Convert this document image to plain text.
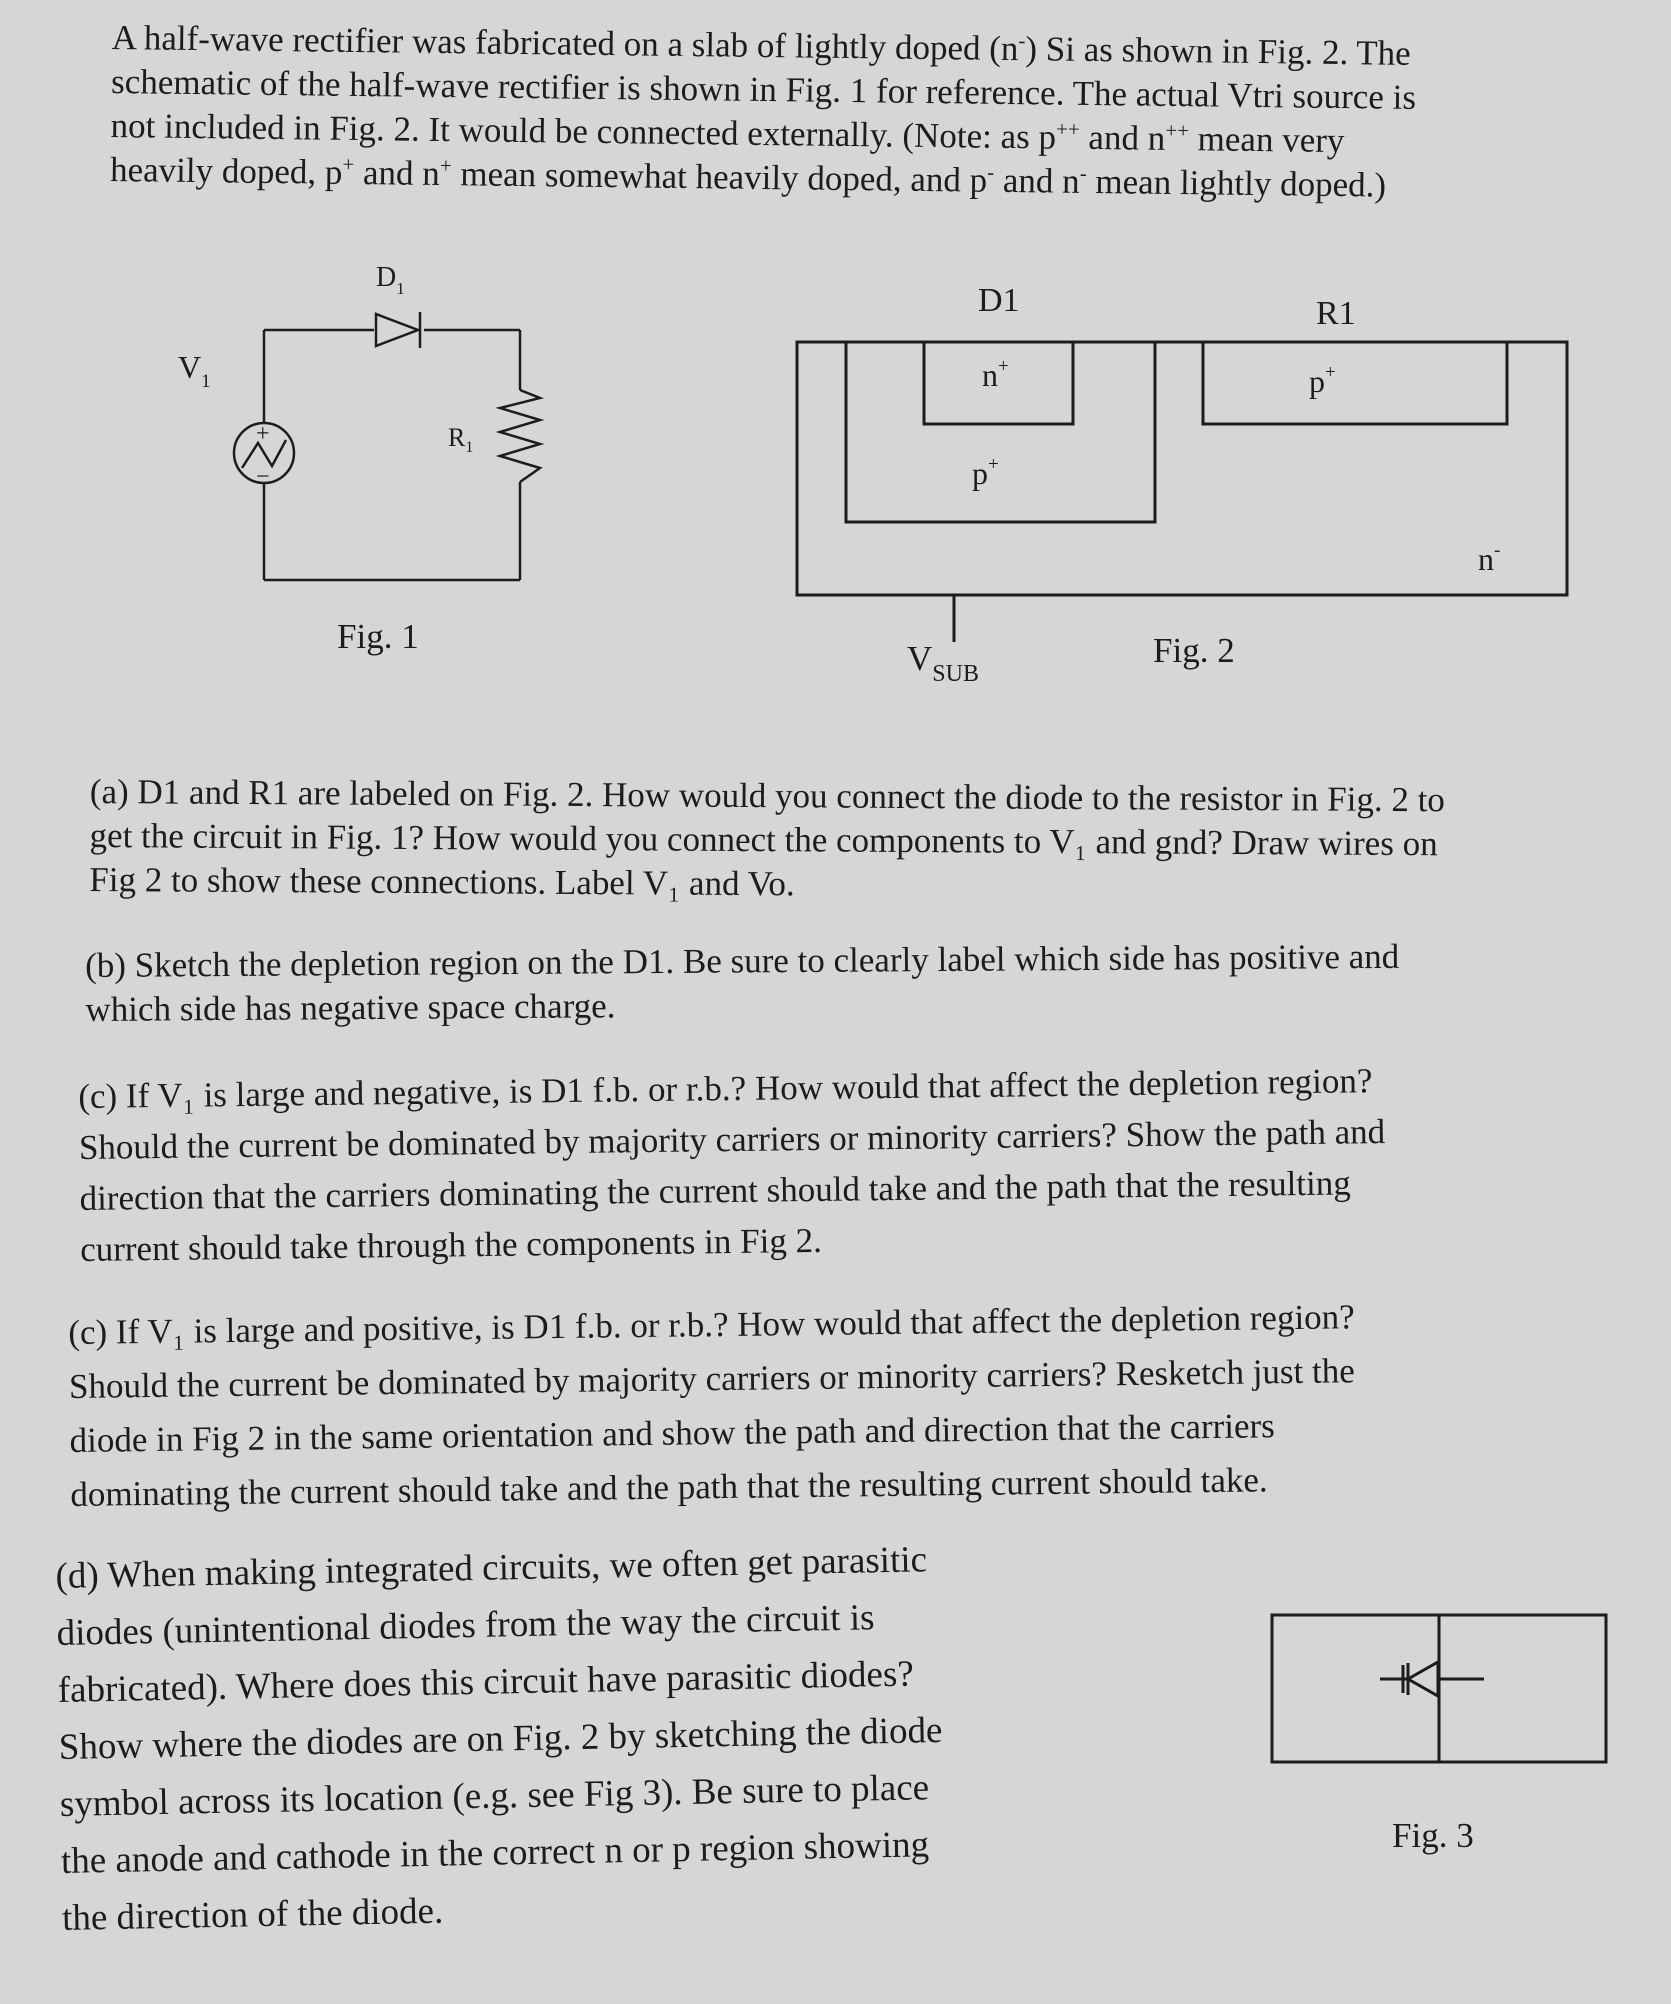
A half-wave rectifier was fabricated on a slab of lightly doped (n-) Si as shown in Fig. 2. The
schematic of the half-wave rectifier is shown in Fig. 1 for reference. The actual Vtri source is
not included in Fig. 2. It would be connected externally. (Note: as p++ and n++ mean very
heavily doped, p+ and n+ mean somewhat heavily doped, and p- and n- mean lightly doped.)
+
−
$D_1$
$V_1$
$R_1$
Fig. 1
D1	R1
n+
p+
p+
n-
$V_{SUB}$
Fig. 2
(a) D1 and R1 are labeled on Fig. 2. How would you connect the diode to the resistor in Fig. 2 to
get the circuit in Fig. 1? How would you connect the components to V₁ and gnd? Draw wires on
Fig 2 to show these connections. Label V₁ and Vo.
(b) Sketch the depletion region on the D1. Be sure to clearly label which side has positive and
which side has negative space charge.
(c) If V₁ is large and negative, is D1 f.b. or r.b.? How would that affect the depletion region?
Should the current be dominated by majority carriers or minority carriers? Show the path and
direction that the carriers dominating the current should take and the path that the resulting
current should take through the components in Fig 2.
(c) If V₁ is large and positive, is D1 f.b. or r.b.? How would that affect the depletion region?
Should the current be dominated by majority carriers or minority carriers? Resketch just the
diode in Fig 2 in the same orientation and show the path and direction that the carriers
dominating the current should take and the path that the resulting current should take.
(d) When making integrated circuits, we often get parasitic
diodes (unintentional diodes from the way the circuit is
fabricated). Where does this circuit have parasitic diodes?
Show where the diodes are on Fig. 2 by sketching the diode
symbol across its location (e.g. see Fig 3). Be sure to place
the anode and cathode in the correct n or p region showing
the direction of the diode.
Fig. 3
